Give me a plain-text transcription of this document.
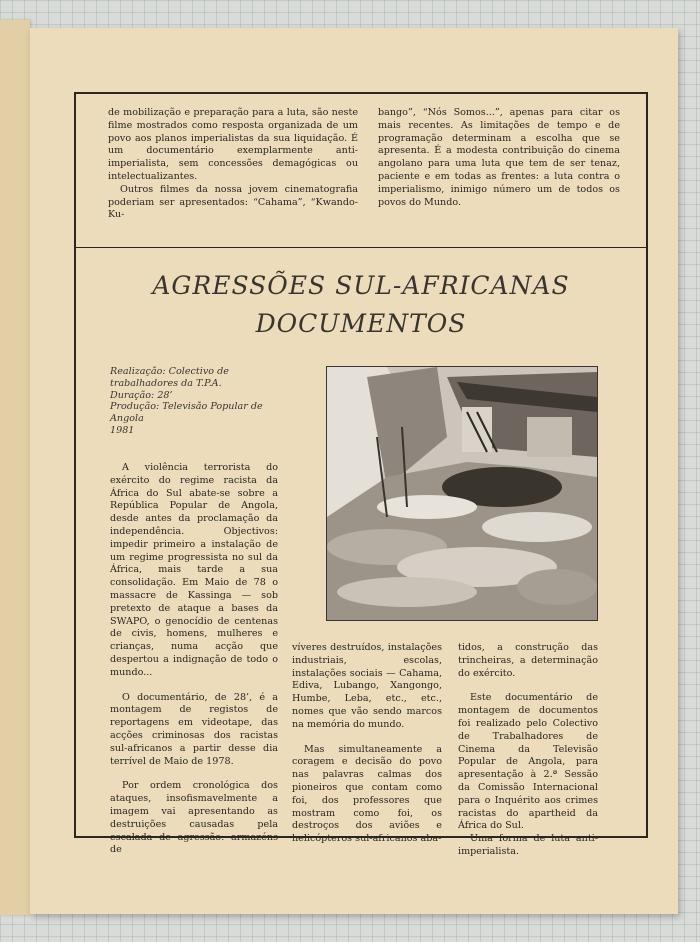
de mobilização e preparação para a luta, são neste filme mostrados como resposta organizada de um povo aos planos imperialistas da sua liquidação. É um documentário exemplarmente anti-imperialista, sem concessões demagógicas ou intelectualizantes.

Outros filmes da nossa jovem cinematografia poderiam ser apresentados: “Cahama”, “Kwando-Ku-

bango”, “Nós Somos...”, apenas para citar os mais recentes. As limitações de tempo e de programação determinam a escolha que se apresenta. É a modesta contribuição do cinema angolano para uma luta que tem de ser tenaz, paciente e em todas as frentes: a luta contra o imperialismo, inimigo número um de todos os povos do Mundo.

AGRESSÕES SUL-AFRICANAS
DOCUMENTOS
Realização: Colectivo de trabalhadores da T.P.A.
Duração: 28’
Produção: Televisão Popular de Angola
1981

A violência terrorista do exército do regime racista da África do Sul abate-se sobre a República Popular de Angola, desde antes da proclamação da independência. Objectivos: impedir primeiro a instalação de um regime progressista no sul da África, mais tarde a sua consolidação. Em Maio de 78 o massacre de Kassinga — sob pretexto de ataque a bases da SWAPO, o genocídio de centenas de civis, homens, mulheres e crianças, numa acção que despertou a indignação de todo o mundo...

O documentário, de 28’, é a montagem de registos de reportagens em videotape, das acções criminosas dos racistas sul-africanos a partir desse dia terrível de Maio de 1978.

Por ordem cronológica dos ataques, insofismavelmente a imagem vai apresentando as destruições causadas pela escalada de agressão: armazéns de

víveres destruídos, instalações industriais, escolas, instalações sociais — Cahama, Ediva, Lubango, Xangongo, Humbe, Leba, etc., etc., nomes que vão sendo marcos na memória do mundo.

Mas simultaneamente a coragem e decisão do povo nas palavras calmas dos pioneiros que contam como foi, dos professores que mostram como foi, os destroços dos aviões e helicópteros sul-africanos aba-

tidos, a construção das trincheiras, a determinação do exército.

Este documentário de montagem de documentos foi realizado pelo Colectivo de Trabalhadores de Cinema da Televisão Popular de Angola, para apresentação à 2.ª Sessão da Comissão Internacional para o Inquérito aos crimes racistas do apartheid da África do Sul.

Uma forma de luta anti-imperialista.
